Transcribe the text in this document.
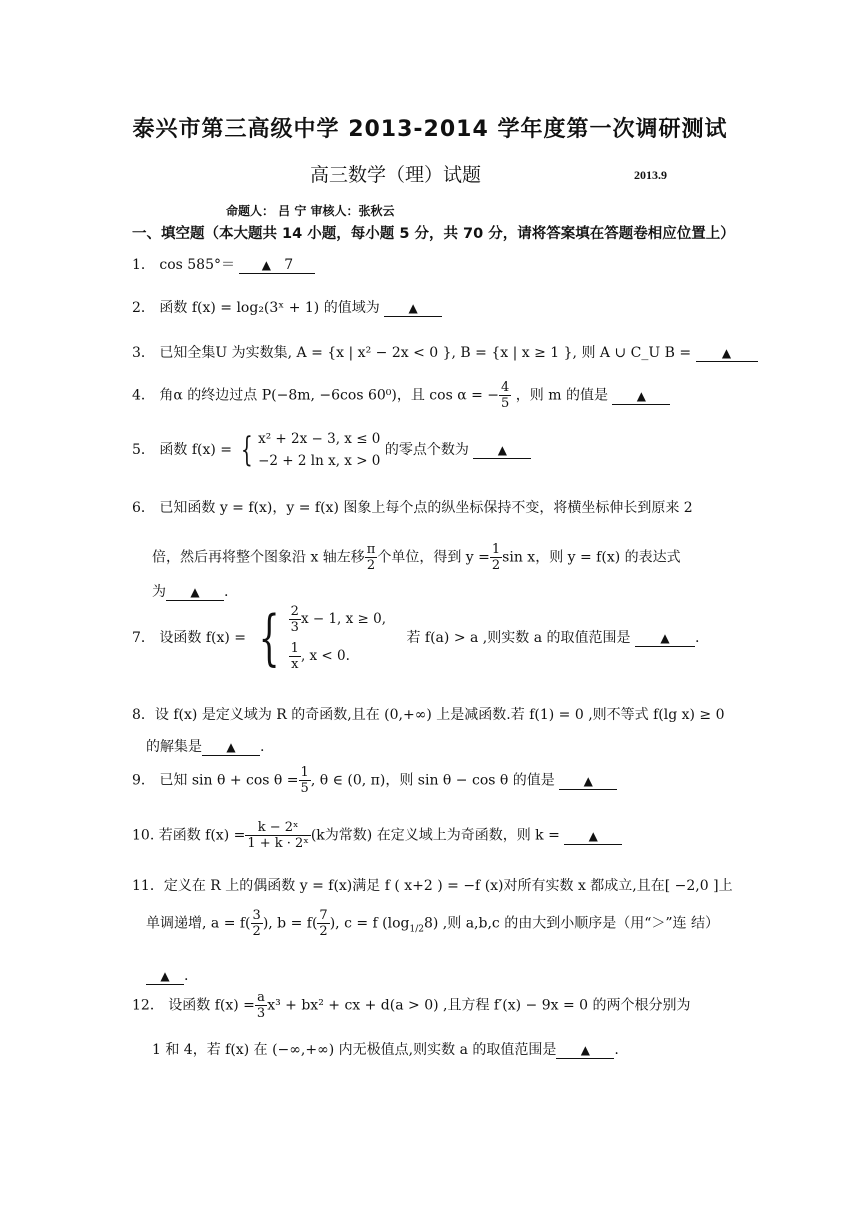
泰兴市第三高级中学 2013-2014 学年度第一次调研测试
高三数学（理）试题	2013.9
命题人： 吕 宁 审核人：张秋云
一、填空题（本大题共 14 小题，每小题 5 分，共 70 分，请将答案填在答题卷相应位置上）
1． cos 585°＝ ▲ 7
2． 函数 f(x) = log₂(3ˣ + 1) 的值域为 ▲
3． 已知全集U 为实数集, A = {x | x² − 2x < 0 }, B = {x | x ≥ 1 }, 则 A ∪ C_U B =	▲
4． 角α 的终边过点 P(−8m, −6cos 60⁰)，且 cos α = − $\frac{4}{5}$ ，则 m 的值是 ▲
5． 函数 f(x) = { x² + 2x − 3, x ≤ 0
−2 + 2 ln x, x > 0
的零点个数为 ▲
6． 已知函数 y = f(x)，y = f(x) 图象上每个点的纵坐标保持不变，将横坐标伸长到原来 2
倍，然后再将整个图象沿 x 轴左移 $\frac{\pi}{2}$ 个单位，得到 $y = \frac{1}{2}$ sin x，则 y = f(x) 的表达式
为 ▲ .
7． 设函数 f(x) = { $\frac{2}{3}$ x − 1, x ≥ 0,
$\frac{1}{x}$ , x < 0.
若 f(a) > a ,则实数 a 的取值范围是 ▲ .
8．设 f(x) 是定义域为 R 的奇函数,且在 (0,+∞) 上是减函数.若 f(1) = 0 ,则不等式 f(lg x) ≥ 0
的解集是 ▲ .
9． 已知 $\sin \theta + \cos \theta = \frac{1}{5}$ , θ ∈ (0, π)，则 sin θ − cos θ 的值是 ▲
10. 若函数 $f(x) = \frac{\text{k − 2ˣ}}{\text{1 + k · 2ˣ}} (k$为常数) 在定义域上为奇函数，则 k = ▲
11．定义在 R 上的偶函数 y = f(x)满足 f ( x+2 ) = −f (x)对所有实数 x 都成立,且在[ −2,0 ]上
单调递增, $a = f( \frac{3}{2}$ ), $b = f( \frac{7}{2}$ ), c = f $(\log_{1/2}8)$ ,则 a,b,c 的由大到小顺序是（用“＞”连 结）
▲ .
12． 设函数 $f(x) = \frac{a}{3} x^3 + bx^2$ + cx + d(a > 0) ,且方程 f′(x) − 9x = 0 的两个根分别为
1 和 4，若 f(x) 在 (−∞,+∞) 内无极值点,则实数 a 的取值范围是 ▲ .
